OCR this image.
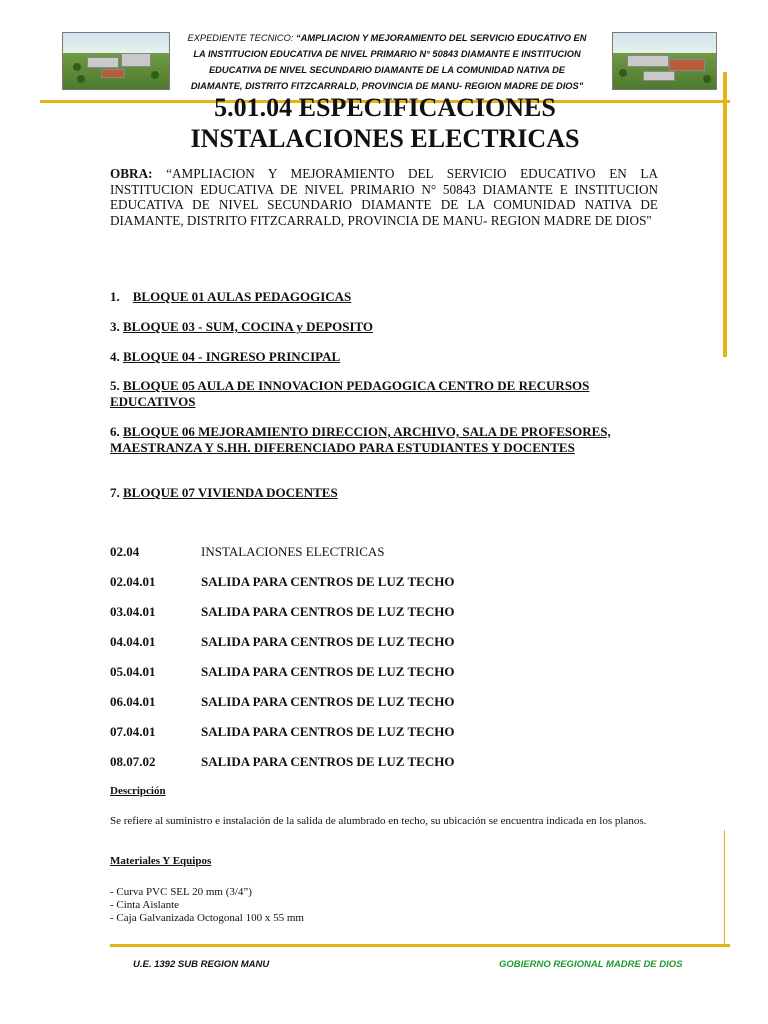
EXPEDIENTE TECNICO: “AMPLIACION Y MEJORAMIENTO DEL SERVICIO EDUCATIVO EN
LA INSTITUCION EDUCATIVA DE NIVEL PRIMARIO N° 50843 DIAMANTE E INSTITUCION
EDUCATIVA DE NIVEL SECUNDARIO DIAMANTE DE LA COMUNIDAD NATIVA DE
DIAMANTE, DISTRITO FITZCARRALD, PROVINCIA DE MANU- REGION MADRE DE DIOS"
5.01.04 ESPECIFICACIONES
INSTALACIONES ELECTRICAS
OBRA: “AMPLIACION Y MEJORAMIENTO DEL SERVICIO EDUCATIVO EN LA INSTITUCION EDUCATIVA DE NIVEL PRIMARIO N° 50843 DIAMANTE E INSTITUCION EDUCATIVA DE NIVEL SECUNDARIO DIAMANTE DE LA COMUNIDAD NATIVA DE DIAMANTE, DISTRITO FITZCARRALD, PROVINCIA DE MANU- REGION MADRE DE DIOS"
1. BLOQUE 01 AULAS PEDAGOGICAS
3. BLOQUE 03 - SUM, COCINA y DEPOSITO
4. BLOQUE 04 - INGRESO PRINCIPAL
5. BLOQUE 05 AULA DE INNOVACION PEDAGOGICA CENTRO DE RECURSOS EDUCATIVOS
6. BLOQUE 06 MEJORAMIENTO DIRECCION, ARCHIVO, SALA DE PROFESORES, MAESTRANZA Y S.HH. DIFERENCIADO PARA ESTUDIANTES Y DOCENTES
7. BLOQUE 07 VIVIENDA DOCENTES
02.04	INSTALACIONES ELECTRICAS
02.04.01	SALIDA PARA CENTROS DE LUZ TECHO
03.04.01	SALIDA PARA CENTROS DE LUZ TECHO
04.04.01	SALIDA PARA CENTROS DE LUZ TECHO
05.04.01	SALIDA PARA CENTROS DE LUZ TECHO
06.04.01	SALIDA PARA CENTROS DE LUZ TECHO
07.04.01	SALIDA PARA CENTROS DE LUZ TECHO
08.07.02	SALIDA PARA CENTROS DE LUZ TECHO
Descripción
Se refiere al suministro e instalación de la salida de alumbrado en techo, su ubicación se encuentra indicada en los planos.
Materiales Y Equipos
- Curva PVC SEL 20 mm (3/4”)
- Cinta Aislante
- Caja Galvanizada Octogonal 100 x 55 mm
U.E. 1392 SUB REGION MANU	GOBIERNO REGIONAL MADRE DE DIOS
